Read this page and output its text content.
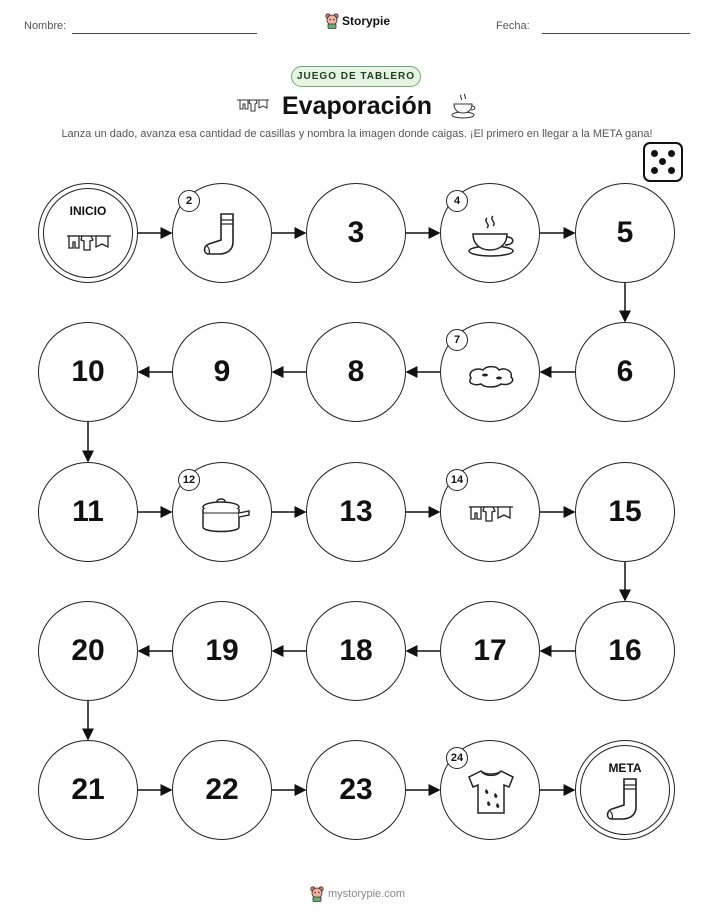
Nombre:	Storypie	Fecha:
JUEGO DE TABLERO
Evaporación
Lanza un dado, avanza esa cantidad de casillas y nombra la imagen donde caigas. ¡El primero en llegar a la META gana!
INICIO
2
3
4
5
6
7
8
9
10
11
12
13
14
15
16
17
18
19
20
21	22	23
24
META
mystorypie.com
